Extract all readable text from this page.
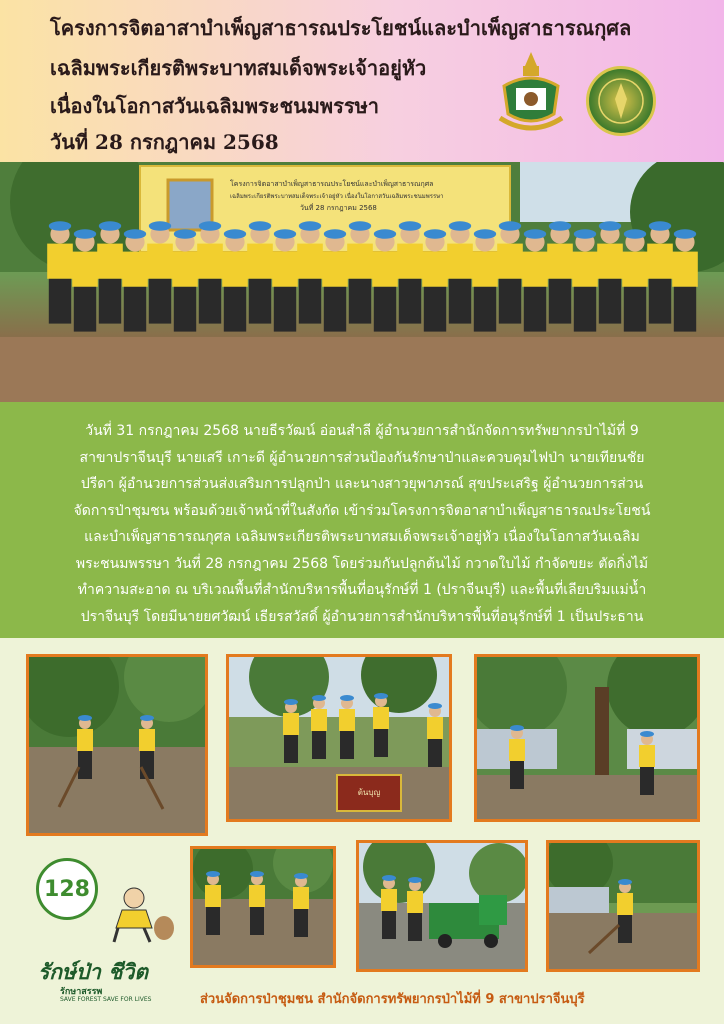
โครงการจิตอาสาบำเพ็ญสาธารณประโยชน์และบำเพ็ญสาธารณกุศล
เฉลิมพระเกียรติพระบาทสมเด็จพระเจ้าอยู่หัว
เนื่องในโอกาสวันเฉลิมพระชนมพรรษา
วันที่ 28 กรกฎาคม 2568
โครงการจิตอาสาบำเพ็ญสาธารณประโยชน์และบำเพ็ญสาธารณกุศล
เฉลิมพระเกียรติพระบาทสมเด็จพระเจ้าอยู่หัว เนื่องในโอกาสวันเฉลิมพระชนมพรรษา
วันที่ 28 กรกฎาคม 2568

วันที่ 31 กรกฎาคม 2568 นายธีรวัฒน์ อ่อนสำลี ผู้อำนวยการสำนักจัดการทรัพยากรป่าไม้ที่ 9

สาขาปราจีนบุรี นายเสรี เกาะดี ผู้อำนวยการส่วนป้องกันรักษาป่าและควบคุมไฟป่า นายเทียนชัย

ปรีดา ผู้อำนวยการส่วนส่งเสริมการปลูกป่า และนางสาวยุพาภรณ์ สุขประเสริฐ ผู้อำนวยการส่วน

จัดการป่าชุมชน พร้อมด้วยเจ้าหน้าที่ในสังกัด เข้าร่วมโครงการจิตอาสาบำเพ็ญสาธารณประโยชน์

และบำเพ็ญสาธารณกุศล เฉลิมพระเกียรติพระบาทสมเด็จพระเจ้าอยู่หัว เนื่องในโอกาสวันเฉลิม

พระชนมพรรษา วันที่ 28 กรกฎาคม 2568 โดยร่วมกันปลูกต้นไม้ กวาดใบไม้ กำจัดขยะ ตัดกิ่งไม้

ทำความสะอาด ณ บริเวณพื้นที่สำนักบริหารพื้นที่อนุรักษ์ที่ 1 (ปราจีนบุรี) และพื้นที่เลียบริมแม่น้ำ

ปราจีนบุรี โดยมีนายยศวัฒน์ เธียรสวัสดิ์ ผู้อำนวยการสำนักบริหารพื้นที่อนุรักษ์ที่ 1 เป็นประธาน

ต้นบุญ
128
รักษ์ป่า ชีวิต
รักษาสรรพ
SAVE FOREST SAVE FOR LIVES	ส่วนจัดการป่าชุมชน สำนักจัดการทรัพยากรป่าไม้ที่ 9 สาขาปราจีนบุรี
